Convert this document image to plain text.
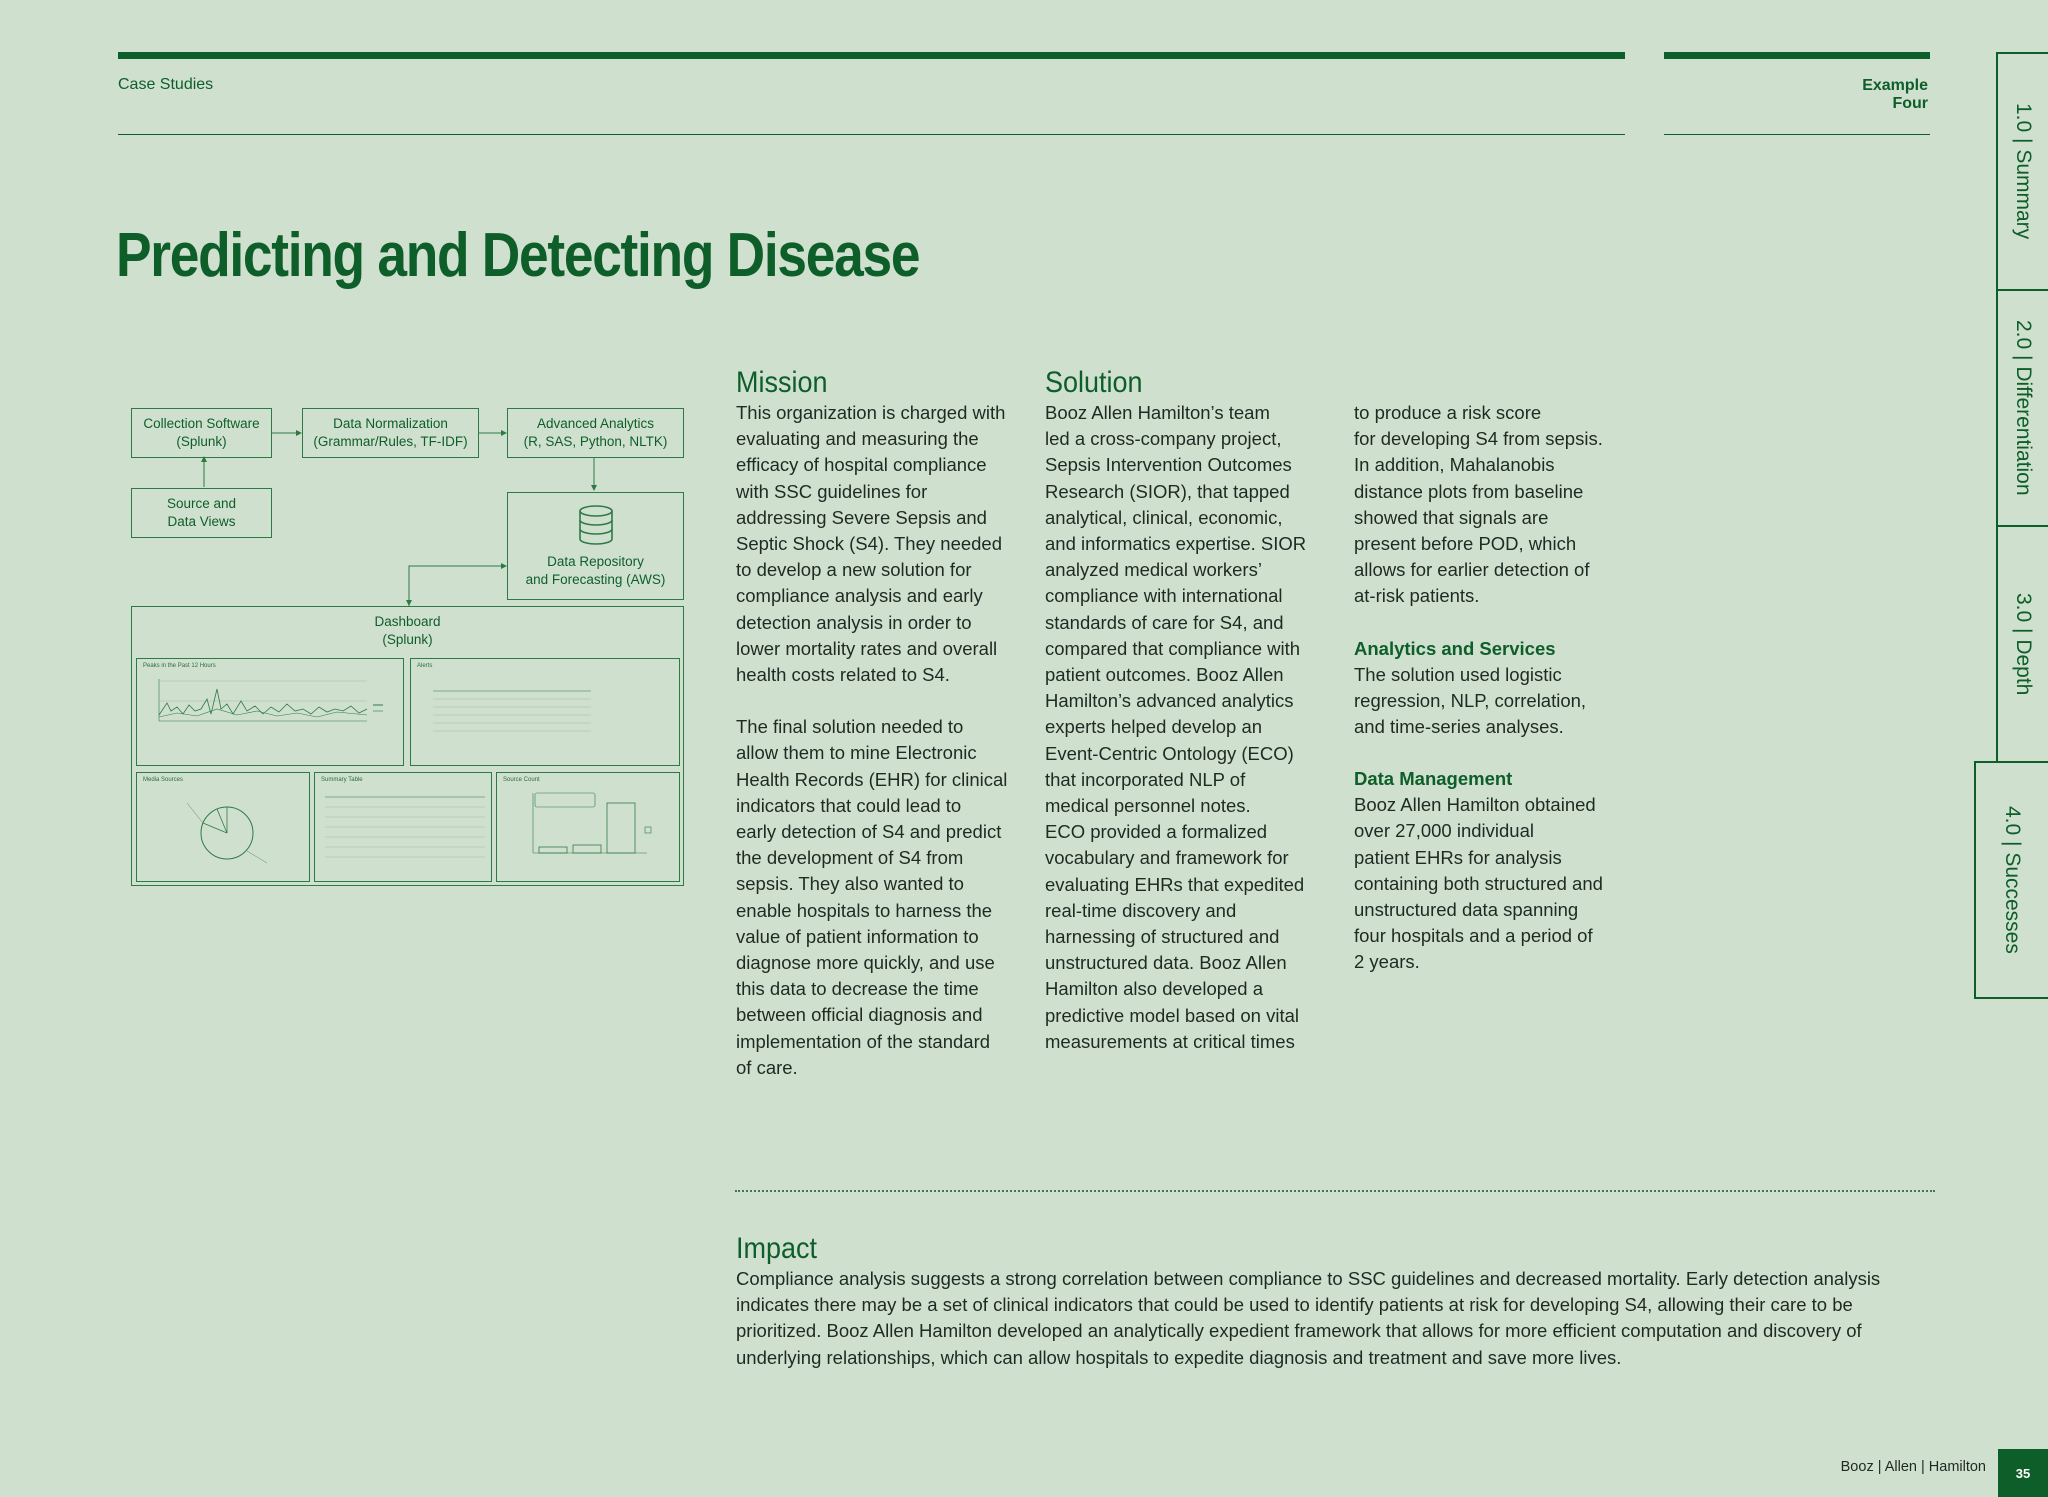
Case Studies	Example
Four
Predicting and Detecting Disease
Collection Software
(Splunk)
Data Normalization
(Grammar/Rules, TF-IDF)
Advanced Analytics
(R, SAS, Python, NLTK)
Source and
Data Views
Data Repository
and Forecasting (AWS)
Dashboard
(Splunk)
Peaks in the Past 12 Hours	Alerts
Media Sources	Summary Table	Source Count
Mission

This organization is charged with
evaluating and measuring the
efficacy of hospital compliance
with SSC guidelines for
addressing Severe Sepsis and
Septic Shock (S4). They needed
to develop a new solution for
compliance analysis and early
detection analysis in order to
lower mortality rates and overall
health costs related to S4.

The final solution needed to
allow them to mine Electronic
Health Records (EHR) for clinical
indicators that could lead to
early detection of S4 and predict
the development of S4 from
sepsis. They also wanted to
enable hospitals to harness the
value of patient information to
diagnose more quickly, and use
this data to decrease the time
between official diagnosis and
implementation of the standard
of care.

Solution

Booz Allen Hamilton’s team
led a cross-company project,
Sepsis Intervention Outcomes
Research (SIOR), that tapped
analytical, clinical, economic,
and informatics expertise. SIOR
analyzed medical workers’
compliance with international
standards of care for S4, and
compared that compliance with
patient outcomes. Booz Allen
Hamilton’s advanced analytics
experts helped develop an
Event-Centric Ontology (ECO)
that incorporated NLP of
medical personnel notes.
ECO provided a formalized
vocabulary and framework for
evaluating EHRs that expedited
real-time discovery and
harnessing of structured and
unstructured data. Booz Allen
Hamilton also developed a
predictive model based on vital
measurements at critical times

to produce a risk score
for developing S4 from sepsis.
In addition, Mahalanobis
distance plots from baseline
showed that signals are
present before POD, which
allows for earlier detection of
at-risk patients.

Analytics and Services

The solution used logistic
regression, NLP, correlation,
and time-series analyses.

Data Management

Booz Allen Hamilton obtained
over 27,000 individual
patient EHRs for analysis
containing both structured and
unstructured data spanning
four hospitals and a period of
2 years.

Impact

Compliance analysis suggests a strong correlation between compliance to SSC guidelines and decreased mortality. Early detection analysis
indicates there may be a set of clinical indicators that could be used to identify patients at risk for developing S4, allowing their care to be
prioritized. Booz Allen Hamilton developed an analytically expedient framework that allows for more efficient computation and discovery of
underlying relationships, which can allow hospitals to expedite diagnosis and treatment and save more lives.

1.0 | Summary
2.0 | Differentiation
3.0 | Depth
4.0 | Successes
Booz | Allen | Hamilton	35
